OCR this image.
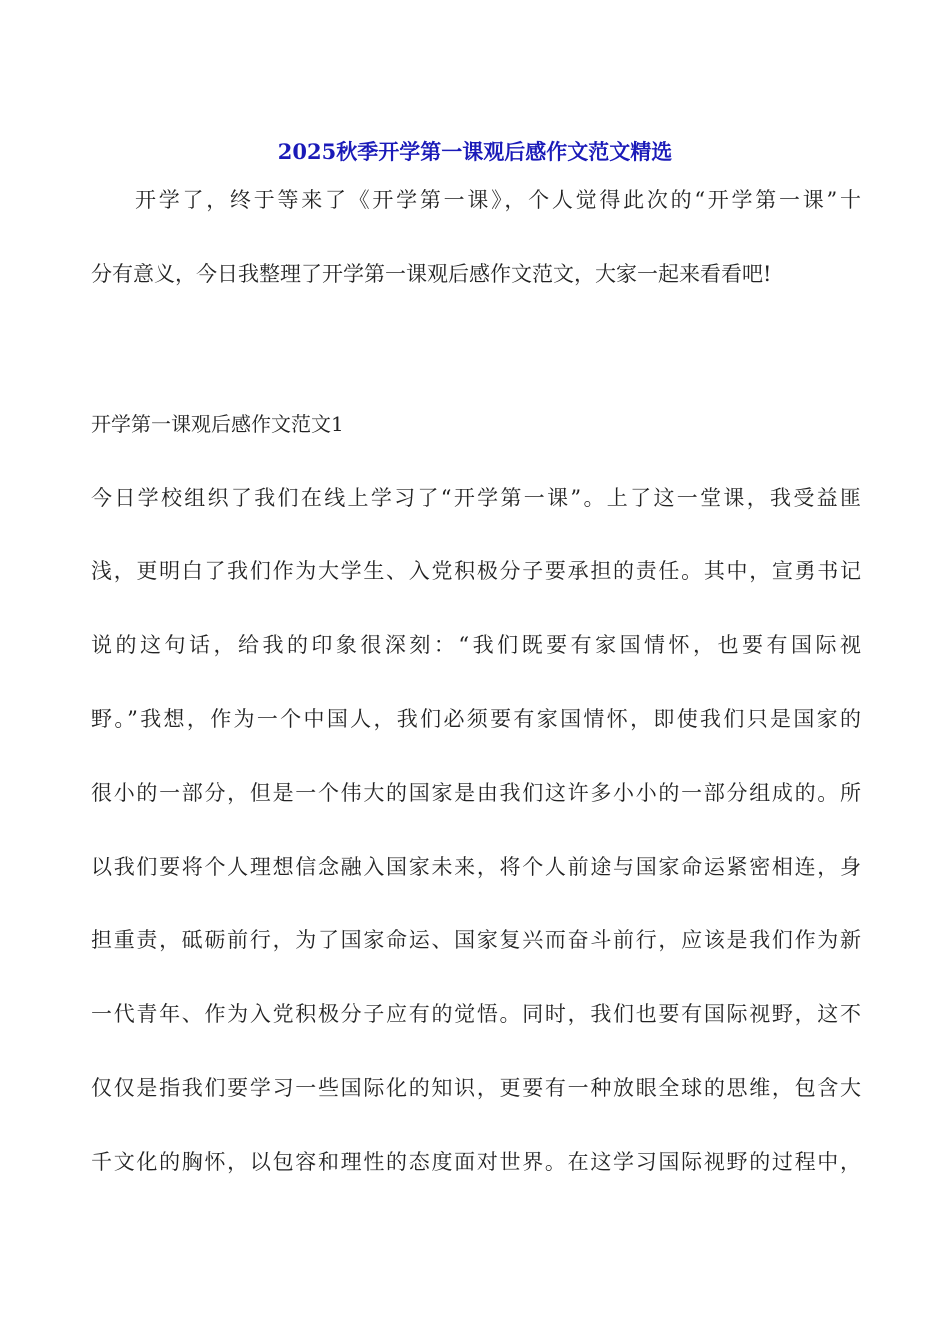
2025秋季开学第一课观后感作文范文精选
开学了，终于等来了《开学第一课》，个人觉得此次的“开学第一课”十
分有意义，今日我整理了开学第一课观后感作文范文，大家一起来看看吧!
开学第一课观后感作文范文1
今日学校组织了我们在线上学习了“开学第一课”。上了这一堂课，我受益匪
浅，更明白了我们作为大学生、入党积极分子要承担的责任。其中，宣勇书记
说的这句话，给我的印象很深刻：“我们既要有家国情怀，也要有国际视
野。”我想，作为一个中国人，我们必须要有家国情怀，即使我们只是国家的
很小的一部分，但是一个伟大的国家是由我们这许多小小的一部分组成的。所
以我们要将个人理想信念融入国家未来，将个人前途与国家命运紧密相连，身
担重责，砥砺前行，为了国家命运、国家复兴而奋斗前行，应该是我们作为新
一代青年、作为入党积极分子应有的觉悟。同时，我们也要有国际视野，这不
仅仅是指我们要学习一些国际化的知识，更要有一种放眼全球的思维，包含大
千文化的胸怀，以包容和理性的态度面对世界。在这学习国际视野的过程中，
